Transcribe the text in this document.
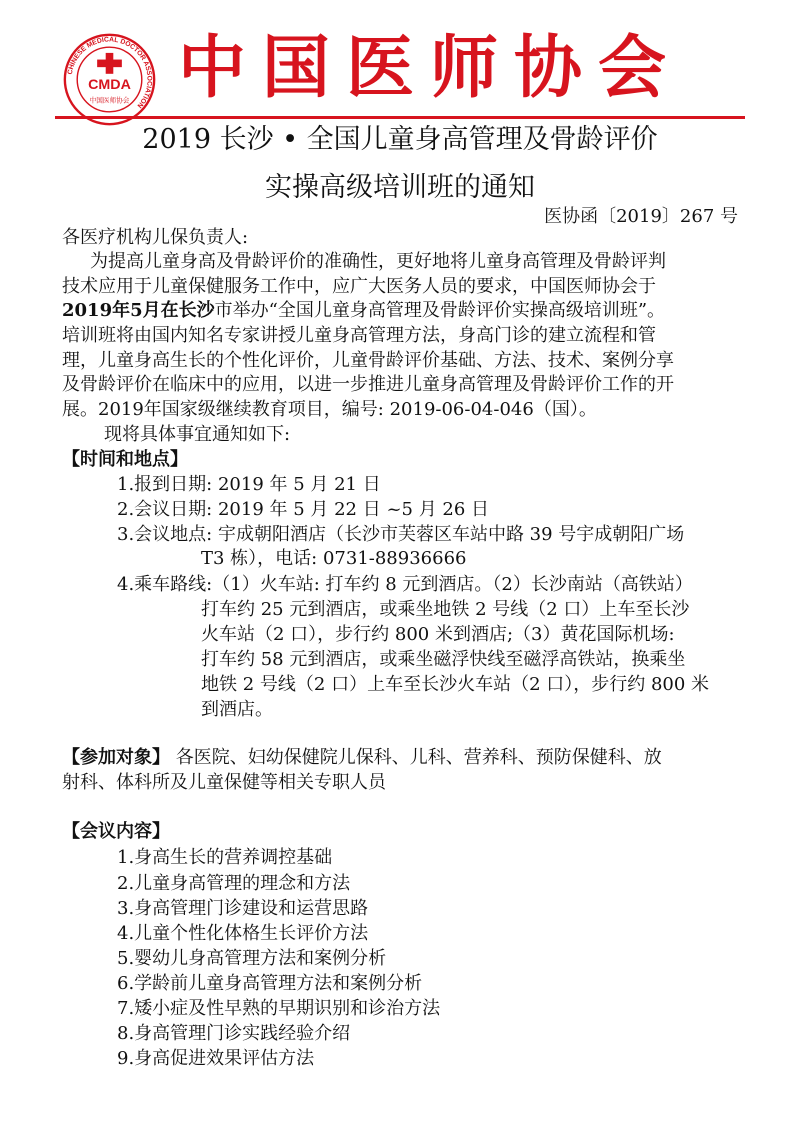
CHINESE MEDICAL DOCTOR ASSOCIATION
CMDA
中国医师协会 中国医师协会
2019 长沙 • 全国儿童身高管理及骨龄评价
实操高级培训班的通知
医协函〔2019〕267 号
各医疗机构儿保负责人:
为提高儿童身高及骨龄评价的准确性，更好地将儿童身高管理及骨龄评判
技术应用于儿童保健服务工作中，应广大医务人员的要求，中国医师协会于
2019年5月在长沙市举办“全国儿童身高管理及骨龄评价实操高级培训班”。
培训班将由国内知名专家讲授儿童身高管理方法，身高门诊的建立流程和管
理，儿童身高生长的个性化评价，儿童骨龄评价基础、方法、技术、案例分享
及骨龄评价在临床中的应用，以进一步推进儿童身高管理及骨龄评价工作的开
展。2019年国家级继续教育项目，编号: 2019-06-04-046（国）。
现将具体事宜通知如下:
【时间和地点】
1.报到日期: 2019 年 5 月 21 日
2.会议日期: 2019 年 5 月 22 日 ~5 月 26 日
3.会议地点: 宇成朝阳酒店（长沙市芙蓉区车站中路 39 号宇成朝阳广场
T3 栋），电话: 0731-88936666
4.乘车路线:（1）火车站: 打车约 8 元到酒店。（2）长沙南站（高铁站）
打车约 25 元到酒店，或乘坐地铁 2 号线（2 口）上车至长沙
火车站（2 口），步行约 800 米到酒店;（3）黄花国际机场:
打车约 58 元到酒店，或乘坐磁浮快线至磁浮高铁站，换乘坐
地铁 2 号线（2 口）上车至长沙火车站（2 口），步行约 800 米
到酒店。
【参加对象】 各医院、妇幼保健院儿保科、儿科、营养科、预防保健科、放
射科、体科所及儿童保健等相关专职人员
【会议内容】
1.身高生长的营养调控基础
2.儿童身高管理的理念和方法
3.身高管理门诊建设和运营思路
4.儿童个性化体格生长评价方法
5.婴幼儿身高管理方法和案例分析
6.学龄前儿童身高管理方法和案例分析
7.矮小症及性早熟的早期识别和诊治方法
8.身高管理门诊实践经验介绍
9.身高促进效果评估方法
